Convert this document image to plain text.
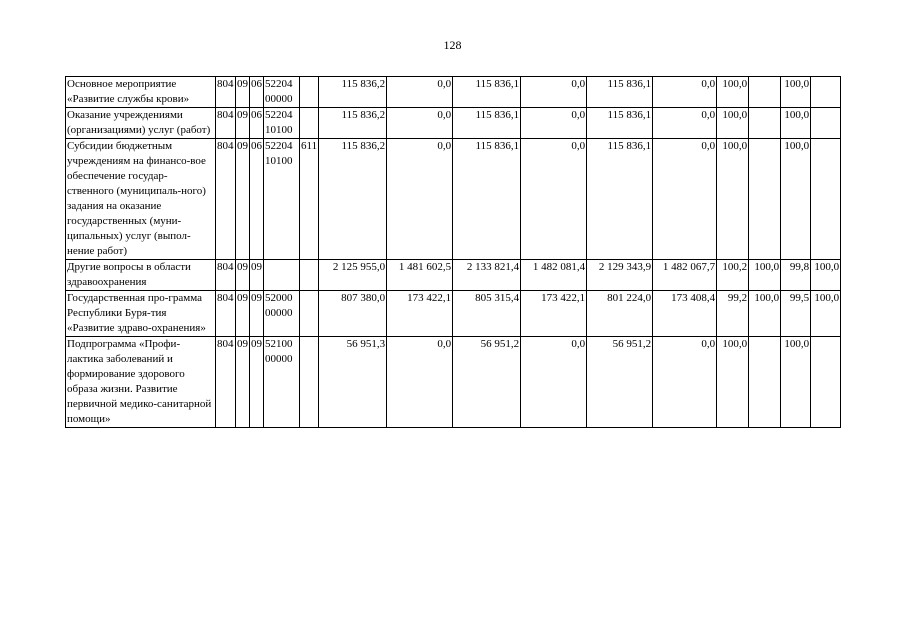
128
Основное мероприятие «Развитие службы крови»	804	09	06	52204 00000		115 836,2	0,0	115 836,1	0,0	115 836,1	0,0	100,0		100,0	
Оказание учреждениями (организациями) услуг (работ)	804	09	06	52204 10100		115 836,2	0,0	115 836,1	0,0	115 836,1	0,0	100,0		100,0	
Субсидии бюджетным учреждениям на финансо-вое обеспечение государ-ственного (муниципаль-ного) задания на оказание государственных (муни-ципальных) услуг (выпол-нение работ)	804	09	06	52204 10100	611	115 836,2	0,0	115 836,1	0,0	115 836,1	0,0	100,0		100,0	
Другие вопросы в области здравоохранения	804	09	09			2 125 955,0	1 481 602,5	2 133 821,4	1 482 081,4	2 129 343,9	1 482 067,7	100,2	100,0	99,8	100,0
Государственная про-грамма Республики Буря-тия «Развитие здраво-охранения»	804	09	09	52000 00000		807 380,0	173 422,1	805 315,4	173 422,1	801 224,0	173 408,4	99,2	100,0	99,5	100,0
Подпрограмма «Профи-лактика заболеваний и формирование здорового образа жизни. Развитие первичной медико-санитарной помощи»	804	09	09	52100 00000		56 951,3	0,0	56 951,2	0,0	56 951,2	0,0	100,0		100,0	
